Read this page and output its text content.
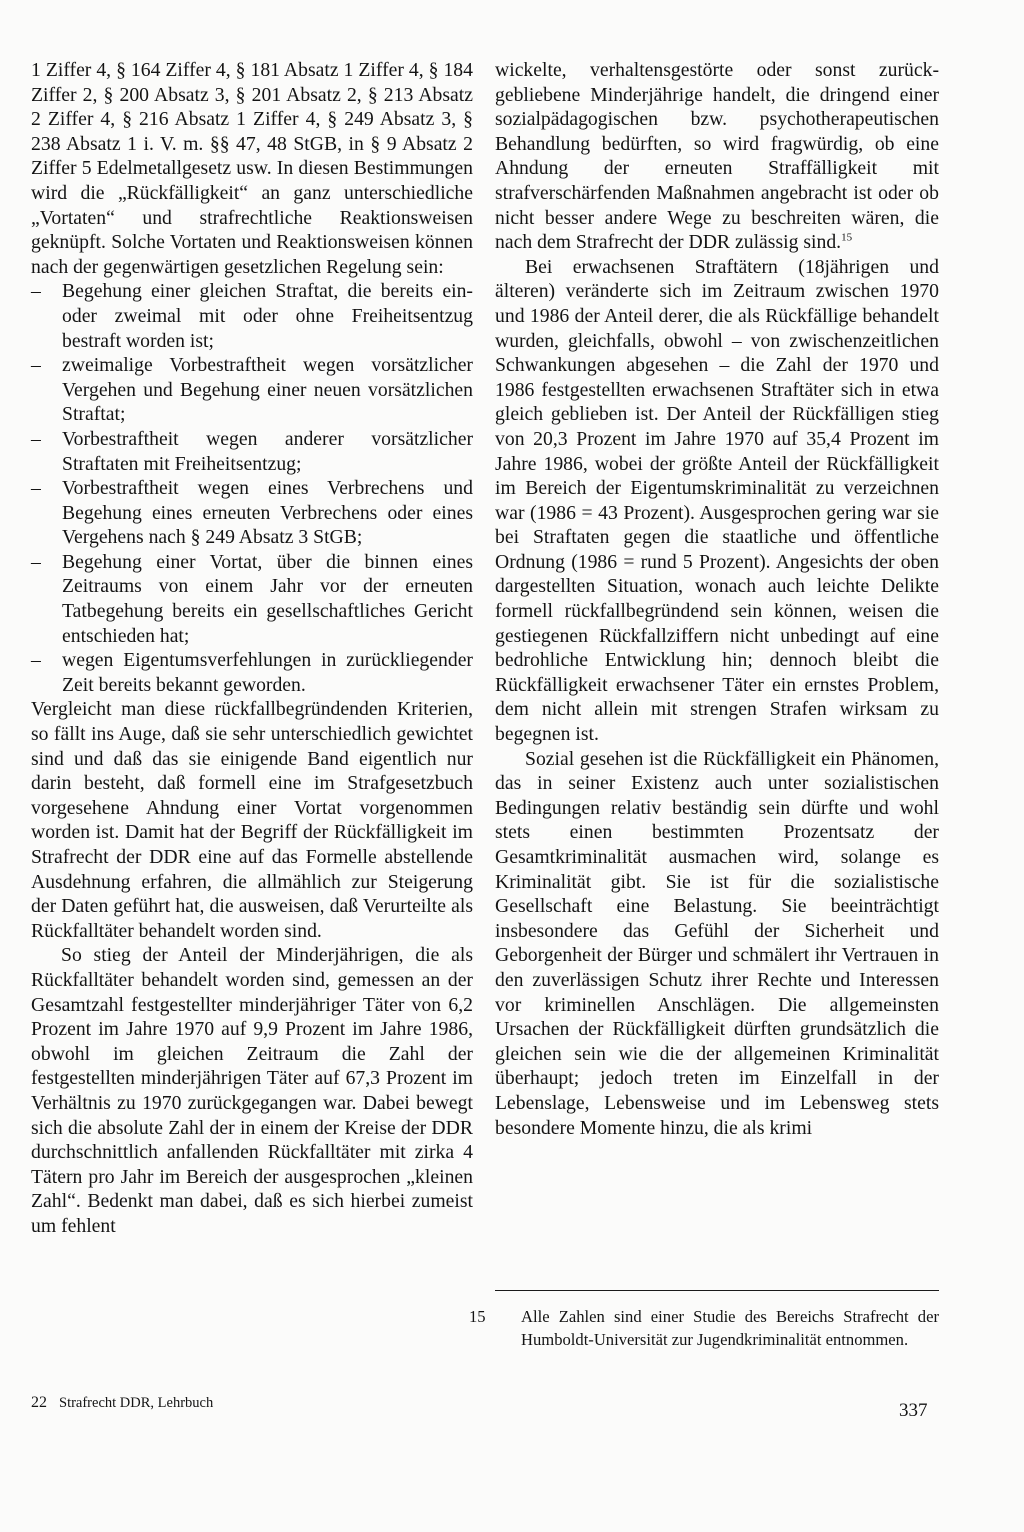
1 Ziffer 4, § 164 Ziffer 4, § 181 Absatz 1 Ziffer 4, § 184 Ziffer 2, § 200 Absatz 3, § 201 Absatz 2, § 213 Absatz 2 Ziffer 4, § 216 Absatz 1 Ziffer 4, § 249 Absatz 3, § 238 Absatz 1 i. V. m. §§ 47, 48 StGB, in § 9 Absatz 2 Ziffer 5 Edelmetallgesetz usw. In diesen Bestimmungen wird die „Rückfälligkeit“ an ganz unterschiedliche „Vortaten“ und strafrechtliche Reaktionsweisen geknüpft. Solche Vortaten und Reaktionsweisen können nach der gegenwärtigen gesetzlichen Regelung sein:

– Begehung einer gleichen Straftat, die bereits ein- oder zweimal mit oder ohne Freiheitsentzug bestraft worden ist;
– zweimalige Vorbestraftheit wegen vorsätzlicher Vergehen und Begehung einer neuen vorsätzlichen Straftat;
– Vorbestraftheit wegen anderer vorsätzlicher Straftaten mit Freiheitsentzug;
– Vorbestraftheit wegen eines Verbrechens und Begehung eines erneuten Verbrechens oder eines Vergehens nach § 249 Absatz 3 StGB;
– Begehung einer Vortat, über die binnen eines Zeitraums von einem Jahr vor der erneuten Tatbegehung bereits ein gesellschaftliches Gericht entschieden hat;
– wegen Eigentumsverfehlungen in zurückliegender Zeit bereits bekannt geworden.

Vergleicht man diese rückfallbegründenden Kriterien, so fällt ins Auge, daß sie sehr unterschiedlich gewichtet sind und daß das sie einigende Band eigentlich nur darin besteht, daß formell eine im Strafgesetzbuch vorgesehene Ahndung einer Vortat vorgenommen worden ist. Damit hat der Begriff der Rückfälligkeit im Strafrecht der DDR eine auf das Formelle abstellende Ausdehnung erfahren, die allmählich zur Steigerung der Daten geführt hat, die ausweisen, daß Verurteilte als Rückfalltäter behandelt worden sind.

So stieg der Anteil der Minderjährigen, die als Rückfalltäter behandelt worden sind, gemessen an der Gesamtzahl festgestellter minderjähriger Täter von 6,2 Prozent im Jahre 1970 auf 9,9 Prozent im Jahre 1986, obwohl im gleichen Zeitraum die Zahl der festgestellten minderjährigen Täter auf 67,3 Prozent im Verhältnis zu 1970 zurückgegangen war. Dabei bewegt sich die absolute Zahl der in einem der Kreise der DDR durchschnittlich anfallenden Rückfalltäter mit zirka 4 Tätern pro Jahr im Bereich der ausgesprochen „kleinen Zahl“. Bedenkt man dabei, daß es sich hierbei zumeist um fehlent

wickelte, verhaltensgestörte oder sonst zurückgebliebene Minderjährige handelt, die dringend einer sozialpädagogischen bzw. psychotherapeutischen Behandlung bedürften, so wird fragwürdig, ob eine Ahndung der erneuten Straffälligkeit mit strafverschärfenden Maßnahmen angebracht ist oder ob nicht besser andere Wege zu beschreiten wären, die nach dem Strafrecht der DDR zulässig sind.$^{15}$

Bei erwachsenen Straftätern (18jährigen und älteren) veränderte sich im Zeitraum zwischen 1970 und 1986 der Anteil derer, die als Rückfällige behandelt wurden, gleichfalls, obwohl – von zwischenzeitlichen Schwankungen abgesehen – die Zahl der 1970 und 1986 festgestellten erwachsenen Straftäter sich in etwa gleich geblieben ist. Der Anteil der Rückfälligen stieg von 20,3 Prozent im Jahre 1970 auf 35,4 Prozent im Jahre 1986, wobei der größte Anteil der Rückfälligkeit im Bereich der Eigentumskriminalität zu verzeichnen war (1986 = 43 Prozent). Ausgesprochen gering war sie bei Straftaten gegen die staatliche und öffentliche Ordnung (1986 = rund 5 Prozent). Angesichts der oben dargestellten Situation, wonach auch leichte Delikte formell rückfallbegründend sein können, weisen die gestiegenen Rückfallziffern nicht unbedingt auf eine bedrohliche Entwicklung hin; dennoch bleibt die Rückfälligkeit erwachsener Täter ein ernstes Problem, dem nicht allein mit strengen Strafen wirksam zu begegnen ist.

Sozial gesehen ist die Rückfälligkeit ein Phänomen, das in seiner Existenz auch unter sozialistischen Bedingungen relativ beständig sein dürfte und wohl stets einen bestimmten Prozentsatz der Gesamtkriminalität ausmachen wird, solange es Kriminalität gibt. Sie ist für die sozialistische Gesellschaft eine Belastung. Sie beeinträchtigt insbesondere das Gefühl der Sicherheit und Geborgenheit der Bürger und schmälert ihr Vertrauen in den zuverlässigen Schutz ihrer Rechte und Interessen vor kriminellen Anschlägen. Die allgemeinsten Ursachen der Rückfälligkeit dürften grundsätzlich die gleichen sein wie die der allgemeinen Kriminalität überhaupt; jedoch treten im Einzelfall in der Lebenslage, Lebensweise und im Lebensweg stets besondere Momente hinzu, die als krimi

15 Alle Zahlen sind einer Studie des Bereichs Strafrecht der Humboldt-Universität zur Jugendkriminalität entnommen.
22 Strafrecht DDR, Lehrbuch	337
